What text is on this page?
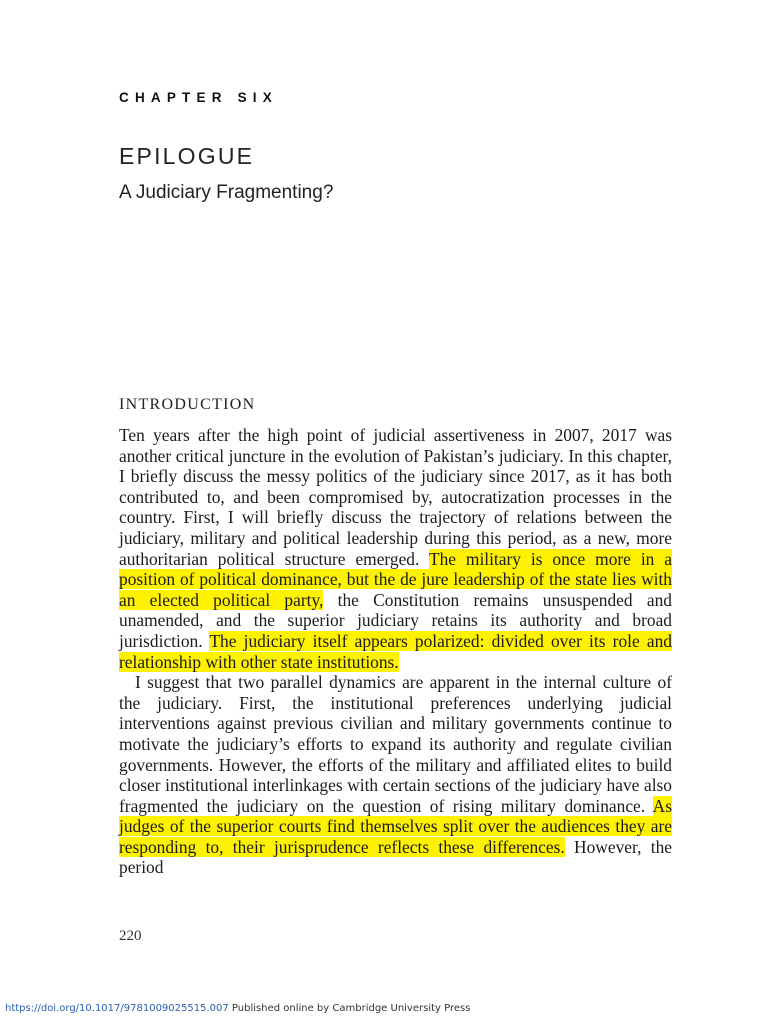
CHAPTER SIX
EPILOGUE
A Judiciary Fragmenting?
INTRODUCTION

Ten years after the high point of judicial assertiveness in 2007, 2017 was another critical juncture in the evolution of Pakistan’s judiciary. In this chapter, I briefly discuss the messy politics of the judiciary since 2017, as it has both contributed to, and been compromised by, autocratization processes in the country. First, I will briefly discuss the trajectory of relations between the judiciary, military and political leadership during this period, as a new, more authoritarian political structure emerged. The military is once more in a position of political dominance, but the de jure leadership of the state lies with an elected political party, the Constitution remains unsuspended and unamended, and the superior judiciary retains its authority and broad jurisdiction. The judiciary itself appears polarized: divided over its role and relationship with other state institutions.

I suggest that two parallel dynamics are apparent in the internal culture of the judiciary. First, the institutional preferences underlying judicial interventions against previous civilian and military governments continue to motivate the judiciary’s efforts to expand its authority and regulate civilian governments. However, the efforts of the military and affiliated elites to build closer institutional interlinkages with certain sections of the judiciary have also fragmented the judiciary on the question of rising military dominance. As judges of the superior courts find themselves split over the audiences they are responding to, their jurisprudence reflects these differences. However, the period

220
https://doi.org/10.1017/9781009025515.007 Published online by Cambridge University Press
